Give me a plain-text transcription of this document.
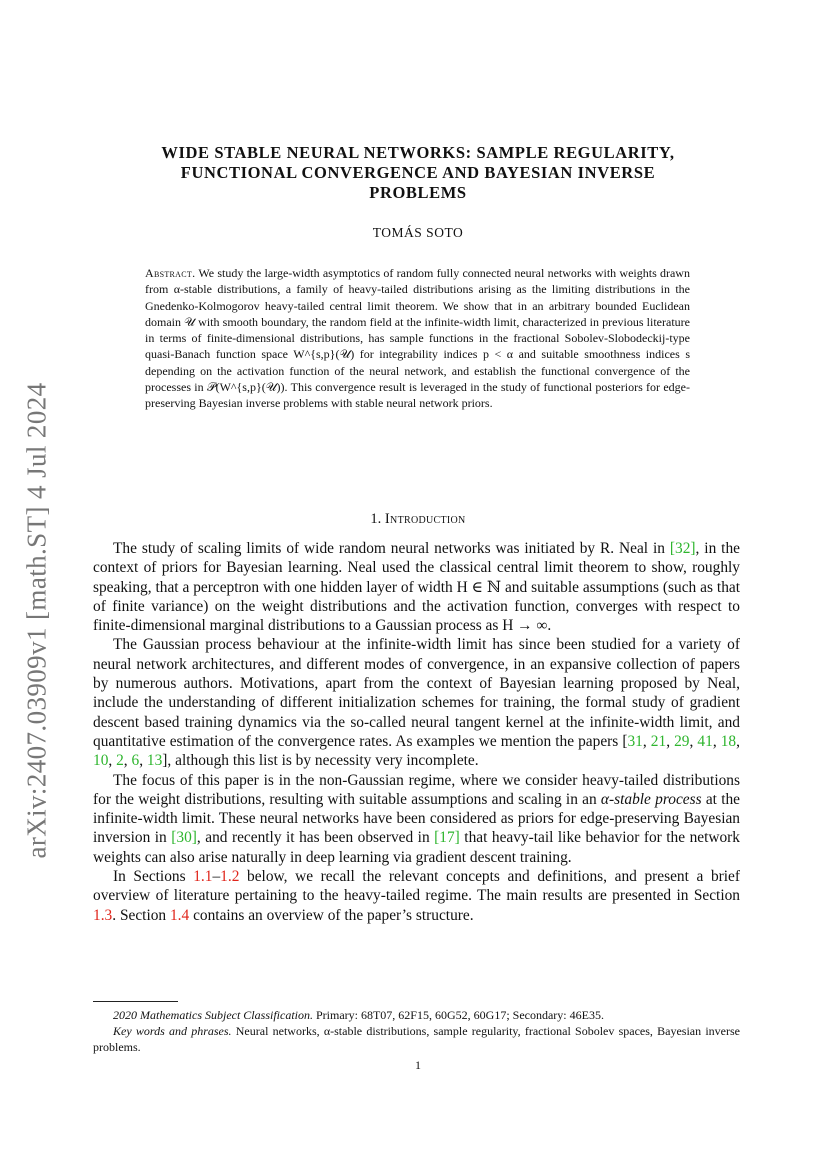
arXiv:2407.03909v1 [math.ST] 4 Jul 2024
WIDE STABLE NEURAL NETWORKS: SAMPLE REGULARITY,
FUNCTIONAL CONVERGENCE AND BAYESIAN INVERSE
PROBLEMS
TOMÁS SOTO
Abstract. We study the large-width asymptotics of random fully connected neural networks with weights drawn from α-stable distributions, a family of heavy-tailed distributions arising as the limiting distributions in the Gnedenko-Kolmogorov heavy-tailed central limit theorem. We show that in an arbitrary bounded Euclidean domain 𝒰 with smooth boundary, the random field at the infinite-width limit, characterized in previous literature in terms of finite-dimensional distributions, has sample functions in the fractional Sobolev-Slobodeckij-type quasi-Banach function space W^{s,p}(𝒰) for integrability indices p < α and suitable smoothness indices s depending on the activation function of the neural network, and establish the functional convergence of the processes in 𝒫(W^{s,p}(𝒰)). This convergence result is leveraged in the study of functional posteriors for edge-preserving Bayesian inverse problems with stable neural network priors.
1. Introduction

The study of scaling limits of wide random neural networks was initiated by R. Neal in [32], in the context of priors for Bayesian learning. Neal used the classical central limit theorem to show, roughly speaking, that a perceptron with one hidden layer of width H ∈ ℕ and suitable assumptions (such as that of finite variance) on the weight distributions and the activation function, converges with respect to finite-dimensional marginal distributions to a Gaussian process as H → ∞.

The Gaussian process behaviour at the infinite-width limit has since been studied for a variety of neural network architectures, and different modes of convergence, in an expansive collection of papers by numerous authors. Motivations, apart from the context of Bayesian learning proposed by Neal, include the understanding of different initialization schemes for training, the formal study of gradient descent based training dynamics via the so-called neural tangent kernel at the infinite-width limit, and quantitative estimation of the convergence rates. As examples we mention the papers [31, 21, 29, 41, 18, 10, 2, 6, 13], although this list is by necessity very incomplete.

The focus of this paper is in the non-Gaussian regime, where we consider heavy-tailed distributions for the weight distributions, resulting with suitable assumptions and scaling in an α-stable process at the infinite-width limit. These neural networks have been considered as priors for edge-preserving Bayesian inversion in [30], and recently it has been observed in [17] that heavy-tail like behavior for the network weights can also arise naturally in deep learning via gradient descent training.

In Sections 1.1–1.2 below, we recall the relevant concepts and definitions, and present a brief overview of literature pertaining to the heavy-tailed regime. The main results are presented in Section 1.3. Section 1.4 contains an overview of the paper’s structure.

2020 Mathematics Subject Classification. Primary: 68T07, 62F15, 60G52, 60G17; Secondary: 46E35.

Key words and phrases. Neural networks, α-stable distributions, sample regularity, fractional Sobolev spaces, Bayesian inverse problems.

1
